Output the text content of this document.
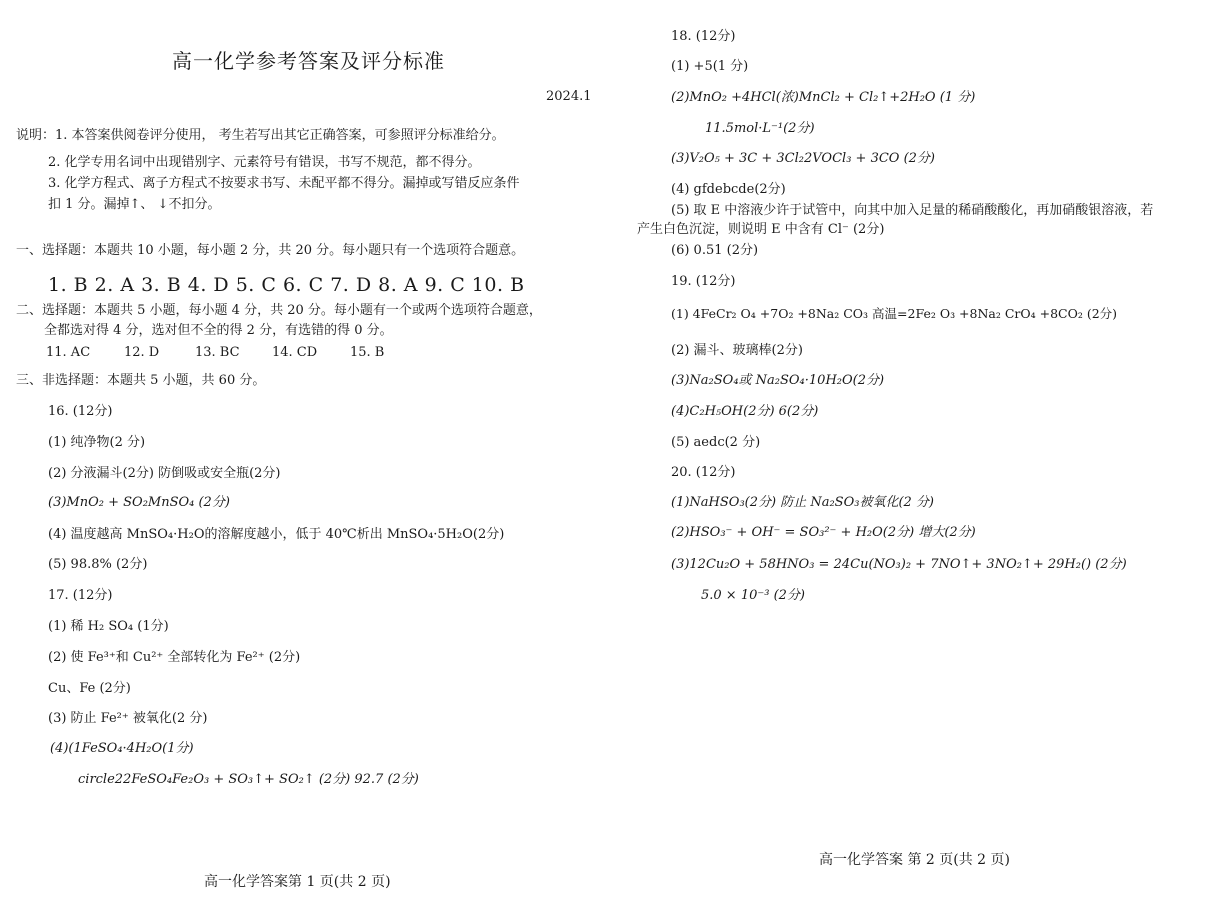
高一化学参考答案及评分标准
2024.1
说明：1. 本答案供阅卷评分使用， 考生若写出其它正确答案，可参照评分标准给分。
2. 化学专用名词中出现错别字、元素符号有错误，书写不规范，都不得分。
3. 化学方程式、离子方程式不按要求书写、未配平都不得分。漏掉或写错反应条件
扣 1 分。漏掉↑、 ↓不扣分。
一、选择题：本题共 10 小题，每小题 2 分，共 20 分。每小题只有一个选项符合题意。
1. B 2. A 3. B 4. D 5. C 6. C 7. D 8. A 9. C 10. B
二、选择题：本题共 5 小题，每小题 4 分，共 20 分。每小题有一个或两个选项符合题意，
全都选对得 4 分，选对但不全的得 2 分，有选错的得 0 分。
11. AC	12. D	13. BC 14. CD	15. B
三、非选择题：本题共 5 小题，共 60 分。
16. (12分)
(1) 纯净物(2 分)
(2) 分液漏斗(2分) 防倒吸或安全瓶(2分)
(3)MnO₂ + SO₂MnSO₄ (2分)
(4) 温度越高 MnSO₄·H₂O的溶解度越小，低于 40℃析出 MnSO₄·5H₂O(2分)
(5) 98.8% (2分)
17. (12分)
(1) 稀 H₂ SO₄ (1分)
(2) 使 Fe³⁺和 Cu²⁺ 全部转化为 Fe²⁺ (2分)
Cu、Fe (2分)
(3) 防止 Fe²⁺ 被氧化(2 分)
(4)(1FeSO₄·4H₂O(1分)
circle22FeSO₄Fe₂O₃ + SO₃↑+ SO₂↑ (2分) 92.7 (2分)
高一化学答案第 1 页(共 2 页)
18. (12分)
(1) +5(1 分)
(2)MnO₂ +4HCl(浓)MnCl₂ + Cl₂↑+2H₂O (1 分)
11.5mol·L⁻¹(2分)
(3)V₂O₅ + 3C + 3Cl₂2VOCl₃ + 3CO (2分)
(4) gfdebcde(2分)
(5) 取 E 中溶液少许于试管中，向其中加入足量的稀硝酸酸化，再加硝酸银溶液，若
产生白色沉淀，则说明 E 中含有 Cl⁻ (2分)
(6) 0.51 (2分)
19. (12分)
(1) 4FeCr₂ O₄ +7O₂ +8Na₂ CO₃ 高温=2Fe₂ O₃ +8Na₂ CrO₄ +8CO₂ (2分)
(2) 漏斗、玻璃棒(2分)
(3)Na₂SO₄或 Na₂SO₄·10H₂O(2分)
(4)C₂H₅OH(2分) 6(2分)
(5) aedc(2 分)
20. (12分)
(1)NaHSO₃(2分) 防止 Na₂SO₃被氧化(2 分)
(2)HSO₃⁻ + OH⁻ = SO₃²⁻ + H₂O(2分) 增大(2分)
(3)12Cu₂O + 58HNO₃ = 24Cu(NO₃)₂ + 7NO↑+ 3NO₂↑+ 29H₂() (2分)
5.0 × 10⁻³ (2分)
高一化学答案 第 2 页(共 2 页)
